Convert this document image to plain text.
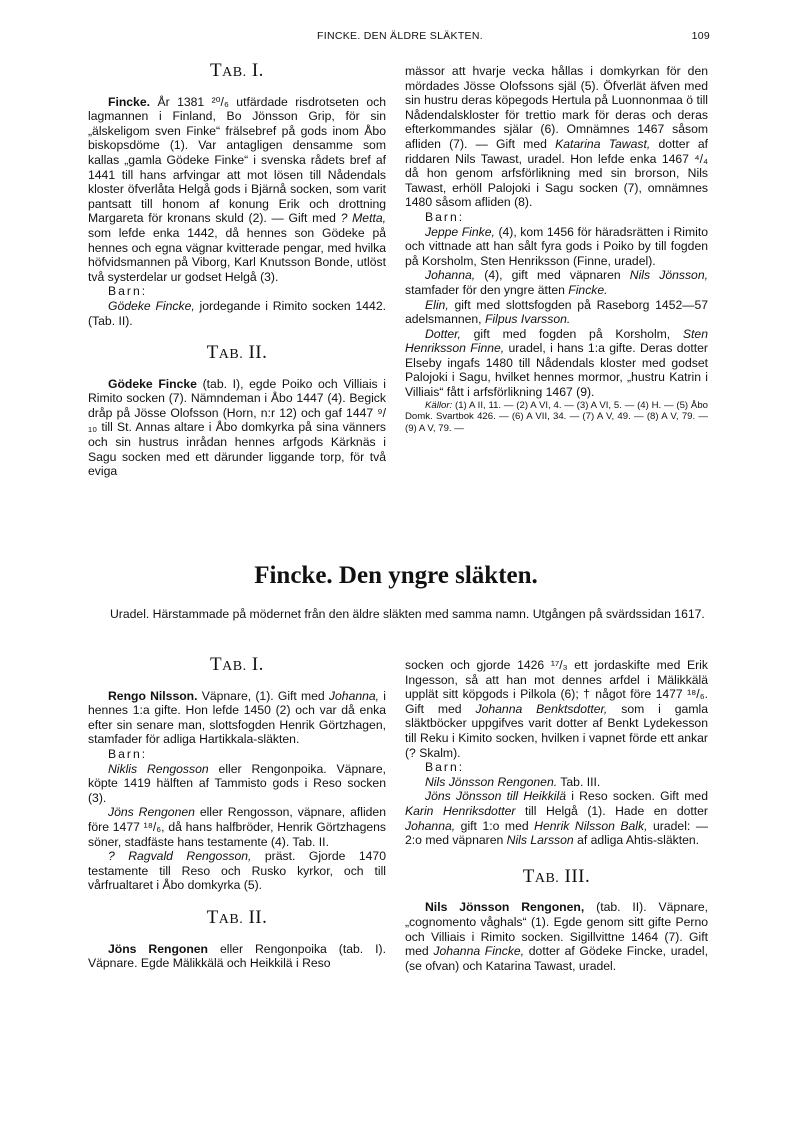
FINCKE. DEN ÄLDRE SLÄKTEN.	109
TAB. I.

Fincke. År 1381 ²⁰/₆ utfärdade risdrotseten och lagmannen i Finland, Bo Jönsson Grip, för sin „älskeligom sven Finke“ frälsebref på gods inom Åbo biskopsdöme (1). Var antagligen densamme som kallas „gamla Gödeke Finke“ i svenska rådets bref af 1441 till hans arfvingar att mot lösen till Nådendals kloster öfverlåta Helgå gods i Bjärnå socken, som varit pantsatt till honom af konung Erik och drottning Margareta för kronans skuld (2). — Gift med ? Metta, som lefde enka 1442, då hennes son Gödeke på hennes och egna vägnar kvitterade pengar, med hvilka höfvidsmannen på Viborg, Karl Knutsson Bonde, utlöst två systerdelar ur godset Helgå (3).

Barn:

Gödeke Fincke, jordegande i Rimito socken 1442. (Tab. II).

TAB. II.

Gödeke Fincke (tab. I), egde Poiko och Villiais i Rimito socken (7). Nämndeman i Åbo 1447 (4). Begick dråp på Jösse Olofsson (Horn, n:r 12) och gaf 1447 ⁹/₁₀ till St. Annas altare i Åbo domkyrka på sina vänners och sin hustrus inrådan hennes arfgods Kärknäs i Sagu socken med ett därunder liggande torp, för två eviga

mässor att hvarje vecka hållas i domkyrkan för den mördades Jösse Olofssons själ (5). Öfverlät äfven med sin hustru deras köpegods Hertula på Luonnonmaa ö till Nådendalskloster för trettio mark för deras och deras efterkommandes själar (6). Omnämnes 1467 såsom afliden (7). — Gift med Katarina Tawast, dotter af riddaren Nils Tawast, uradel. Hon lefde enka 1467 ⁴/₄ då hon genom arfsförlikning med sin brorson, Nils Tawast, erhöll Palojoki i Sagu socken (7), omnämnes 1480 såsom afliden (8).

Barn:

Jeppe Finke, (4), kom 1456 för häradsrätten i Rimito och vittnade att han sålt fyra gods i Poiko by till fogden på Korsholm, Sten Henriksson (Finne, uradel).

Johanna, (4), gift med väpnaren Nils Jönsson, stamfader för den yngre ätten Fincke.

Elin, gift med slottsfogden på Raseborg 1452—57 adelsmannen, Filpus Ivarsson.

Dotter, gift med fogden på Korsholm, Sten Henriksson Finne, uradel, i hans 1:a gifte. Deras dotter Elseby ingafs 1480 till Nådendals kloster med godset Palojoki i Sagu, hvilket hennes mormor, „hustru Katrin i Villiais“ fått i arfsförlikning 1467 (9).

Källor: (1) A II, 11. — (2) A VI, 4. — (3) A VI, 5. — (4) H. — (5) Åbo Domk. Svartbok 426. — (6) A VII, 34. — (7) A V, 49. — (8) A V, 79. — (9) A V, 79. —

Fincke. Den yngre släkten.
Uradel. Härstammade på mödernet från den äldre släkten med samma namn. Utgången på svärdssidan 1617.
TAB. I.

Rengo Nilsson. Väpnare, (1). Gift med Johanna, i hennes 1:a gifte. Hon lefde 1450 (2) och var då enka efter sin senare man, slottsfogden Henrik Görtzhagen, stamfader för adliga Hartikkala-släkten.

Barn:

Niklis Rengosson eller Rengonpoika. Väpnare, köpte 1419 hälften af Tammisto gods i Reso socken (3).

Jöns Rengonen eller Rengosson, väpnare, afliden före 1477 ¹⁸/₆, då hans halfbröder, Henrik Görtzhagens söner, stadfäste hans testamente (4). Tab. II.

? Ragvald Rengosson, präst. Gjorde 1470 testamente till Reso och Rusko kyrkor, och till vårfrualtaret i Åbo domkyrka (5).

TAB. II.

Jöns Rengonen eller Rengonpoika (tab. I). Väpnare. Egde Mälikkälä och Heikkilä i Reso

socken och gjorde 1426 ¹⁷/₃ ett jordaskifte med Erik Ingesson, så att han mot dennes arfdel i Mälikkälä upplät sitt köpgods i Pilkola (6); † något före 1477 ¹⁸/₆. Gift med Johanna Benktsdotter, som i gamla släktböcker uppgifves varit dotter af Benkt Lydekesson till Reku i Kimito socken, hvilken i vapnet förde ett ankar (? Skalm).

Barn:

Nils Jönsson Rengonen. Tab. III.

Jöns Jönsson till Heikkilä i Reso socken. Gift med Karin Henriksdotter till Helgå (1). Hade en dotter Johanna, gift 1:o med Henrik Nilsson Balk, uradel: — 2:o med väpnaren Nils Larsson af adliga Ahtis-släkten.

TAB. III.

Nils Jönsson Rengonen, (tab. II). Väpnare, „cognomento våghals“ (1). Egde genom sitt gifte Perno och Villiais i Rimito socken. Sigillvittne 1464 (7). Gift med Johanna Fincke, dotter af Gödeke Fincke, uradel, (se ofvan) och Katarina Tawast, uradel.
